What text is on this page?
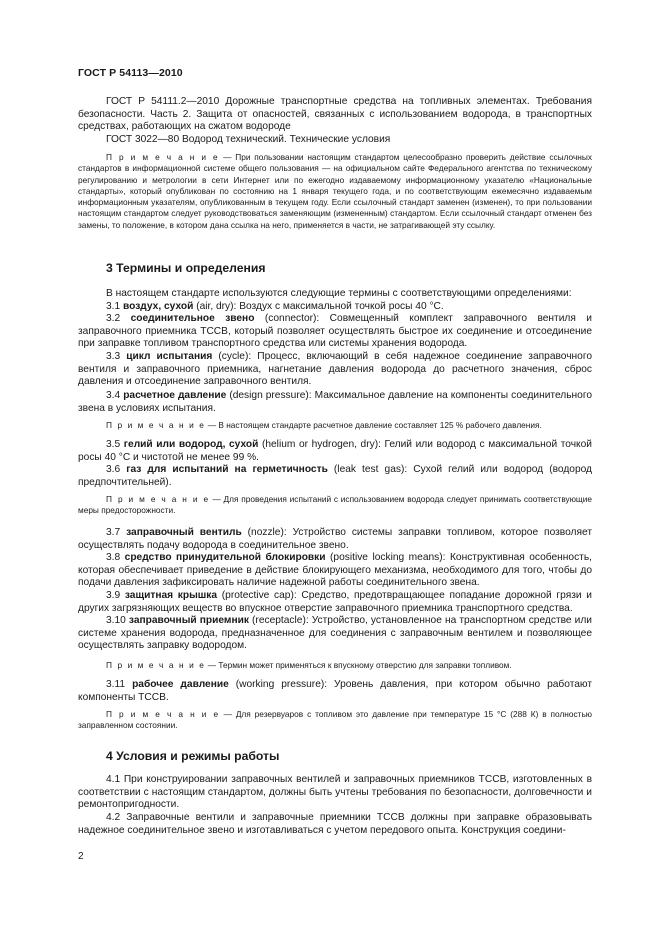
ГОСТ Р 54113—2010
ГОСТ Р 54111.2—2010 Дорожные транспортные средства на топливных элементах. Требования безопасности. Часть 2. Защита от опасностей, связанных с использованием водорода, в транспортных средствах, работающих на сжатом водороде
ГОСТ 3022—80 Водород технический. Технические условия
П р и м е ч а н и е — При пользовании настоящим стандартом целесообразно проверить действие ссылочных стандартов в информационной системе общего пользования — на официальном сайте Федерального агентства по техническому регулированию и метрологии в сети Интернет или по ежегодно издаваемому информационному указателю «Национальные стандарты», который опубликован по состоянию на 1 января текущего года, и по соответствующим ежемесячно издаваемым информационным указателям, опубликованным в текущем году. Если ссылочный стандарт заменен (изменен), то при пользовании настоящим стандартом следует руководствоваться заменяющим (измененным) стандартом. Если ссылочный стандарт отменен без замены, то положение, в котором дана ссылка на него, применяется в части, не затрагивающей эту ссылку.
3 Термины и определения
В настоящем стандарте используются следующие термины с соответствующими определениями:
3.1 воздух, сухой (air, dry): Воздух с максимальной точкой росы 40 °С.
3.2 соединительное звено (connector): Совмещенный комплект заправочного вентиля и заправочного приемника ТССВ, который позволяет осуществлять быстрое их соединение и отсоединение при заправке топливом транспортного средства или системы хранения водорода.
3.3 цикл испытания (cycle): Процесс, включающий в себя надежное соединение заправочного вентиля и заправочного приемника, нагнетание давления водорода до расчетного значения, сброс давления и отсоединение заправочного вентиля.
3.4 расчетное давление (design pressure): Максимальное давление на компоненты соединительного звена в условиях испытания.
П р и м е ч а н и е — В настоящем стандарте расчетное давление составляет 125 % рабочего давления.
3.5 гелий или водород, сухой (helium or hydrogen, dry): Гелий или водород с максимальной точкой росы 40 °С и чистотой не менее 99 %.
3.6 газ для испытаний на герметичность (leak test gas): Сухой гелий или водород (водород предпочтительней).
П р и м е ч а н и е — Для проведения испытаний с использованием водорода следует принимать соответствующие меры предосторожности.
3.7 заправочный вентиль (nozzle): Устройство системы заправки топливом, которое позволяет осуществлять подачу водорода в соединительное звено.
3.8 средство принудительной блокировки (positive locking means): Конструктивная особенность, которая обеспечивает приведение в действие блокирующего механизма, необходимого для того, чтобы до подачи давления зафиксировать наличие надежной работы соединительного звена.
3.9 защитная крышка (protective cap): Средство, предотвращающее попадание дорожной грязи и других загрязняющих веществ во впускное отверстие заправочного приемника транспортного средства.
3.10 заправочный приемник (receptacle): Устройство, установленное на транспортном средстве или системе хранения водорода, предназначенное для соединения с заправочным вентилем и позволяющее осуществлять заправку водородом.
П р и м е ч а н и е — Термин может применяться к впускному отверстию для заправки топливом.
3.11 рабочее давление (working pressure): Уровень давления, при котором обычно работают компоненты ТССВ.
П р и м е ч а н и е — Для резервуаров с топливом это давление при температуре 15 °С (288 К) в полностью заправленном состоянии.
4 Условия и режимы работы
4.1 При конструировании заправочных вентилей и заправочных приемников ТССВ, изготовленных в соответствии с настоящим стандартом, должны быть учтены требования по безопасности, долговечности и ремонтопригодности.
4.2 Заправочные вентили и заправочные приемники ТССВ должны при заправке образовывать надежное соединительное звено и изготавливаться с учетом передового опыта. Конструкция соедини-
2
